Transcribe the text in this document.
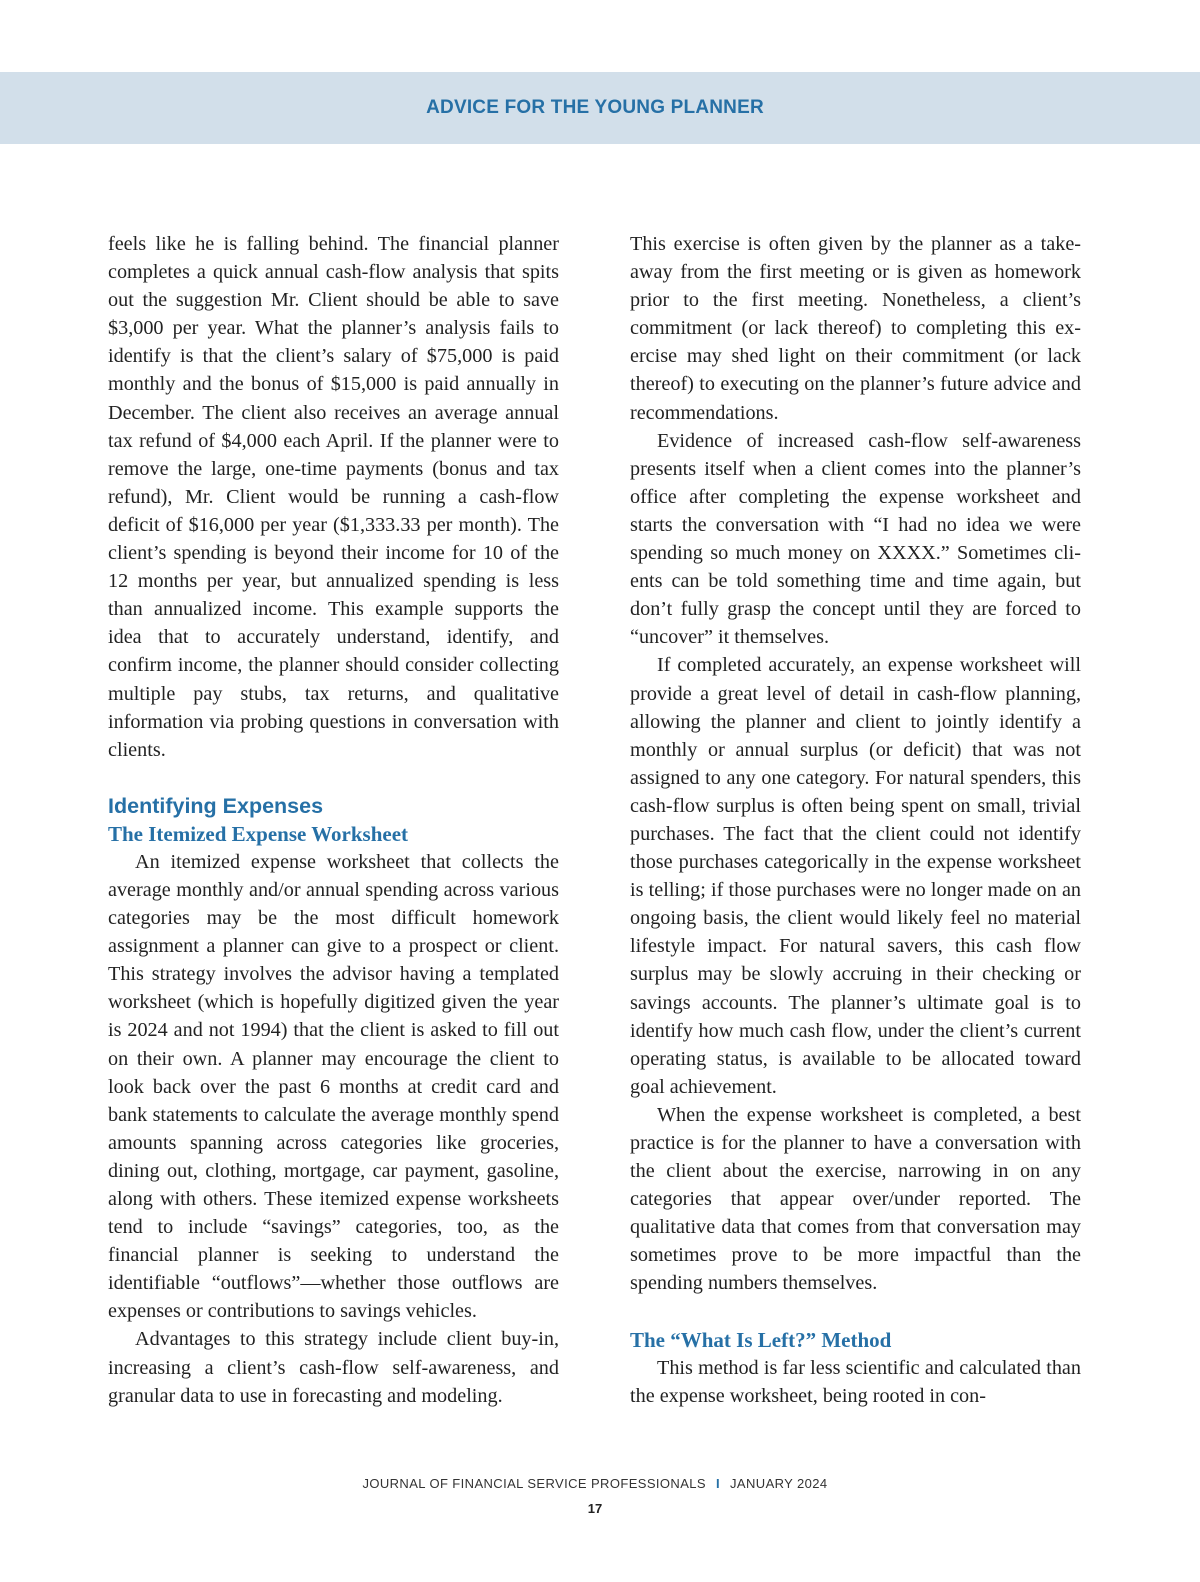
ADVICE FOR THE YOUNG PLANNER

feels like he is falling behind. The financial planner completes a quick annual cash-flow analysis that spits out the suggestion Mr. Client should be able to save $3,000 per year. What the planner’s analysis fails to identify is that the client’s salary of $75,000 is paid monthly and the bonus of $15,000 is paid annually in December. The client also receives an average annual tax refund of $4,000 each April. If the planner were to remove the large, one-time payments (bonus and tax refund), Mr. Client would be running a cash-flow deficit of $16,000 per year ($1,333.33 per month). The client’s spending is beyond their income for 10 of the 12 months per year, but annualized spending is less than annualized income. This example supports the idea that to accurately understand, identify, and confirm income, the planner should consider collecting multiple pay stubs, tax returns, and qualitative information via probing questions in conversation with clients.

Identifying Expenses
The Itemized Expense Worksheet

An itemized expense worksheet that collects the average monthly and/or annual spending across various categories may be the most difficult homework assignment a planner can give to a prospect or client. This strategy involves the advisor having a templated worksheet (which is hopefully digitized given the year is 2024 and not 1994) that the client is asked to fill out on their own. A planner may encourage the client to look back over the past 6 months at credit card and bank statements to calculate the average monthly spend amounts spanning across categories like groceries, dining out, clothing, mortgage, car payment, gasoline, along with others. These itemized expense worksheets tend to include “savings” categories, too, as the financial planner is seeking to understand the identifiable “outflows”—whether those outflows are expenses or contributions to savings vehicles.

Advantages to this strategy include client buy-in, increasing a client’s cash-flow self-awareness, and granular data to use in forecasting and modeling.

This exercise is often given by the planner as a take-away from the first meeting or is given as homework prior to the first meeting. Nonetheless, a client’s commitment (or lack thereof) to completing this exercise may shed light on their commitment (or lack thereof) to executing on the planner’s future advice and recommendations.

Evidence of increased cash-flow self-awareness presents itself when a client comes into the planner’s office after completing the expense worksheet and starts the conversation with “I had no idea we were spending so much money on XXXX.” Sometimes clients can be told something time and time again, but don’t fully grasp the concept until they are forced to “uncover” it themselves.

If completed accurately, an expense worksheet will provide a great level of detail in cash-flow planning, allowing the planner and client to jointly identify a monthly or annual surplus (or deficit) that was not assigned to any one category. For natural spenders, this cash-flow surplus is often being spent on small, trivial purchases. The fact that the client could not identify those purchases categorically in the expense worksheet is telling; if those purchases were no longer made on an ongoing basis, the client would likely feel no material lifestyle impact. For natural savers, this cash flow surplus may be slowly accruing in their checking or savings accounts. The planner’s ultimate goal is to identify how much cash flow, under the client’s current operating status, is available to be allocated toward goal achievement.

When the expense worksheet is completed, a best practice is for the planner to have a conversation with the client about the exercise, narrowing in on any categories that appear over/under reported. The qualitative data that comes from that conversation may sometimes prove to be more impactful than the spending numbers themselves.

The “What Is Left?” Method

This method is far less scientific and calculated than the expense worksheet, being rooted in con-

JOURNAL OF FINANCIAL SERVICE PROFESSIONALS I JANUARY 2024
17
